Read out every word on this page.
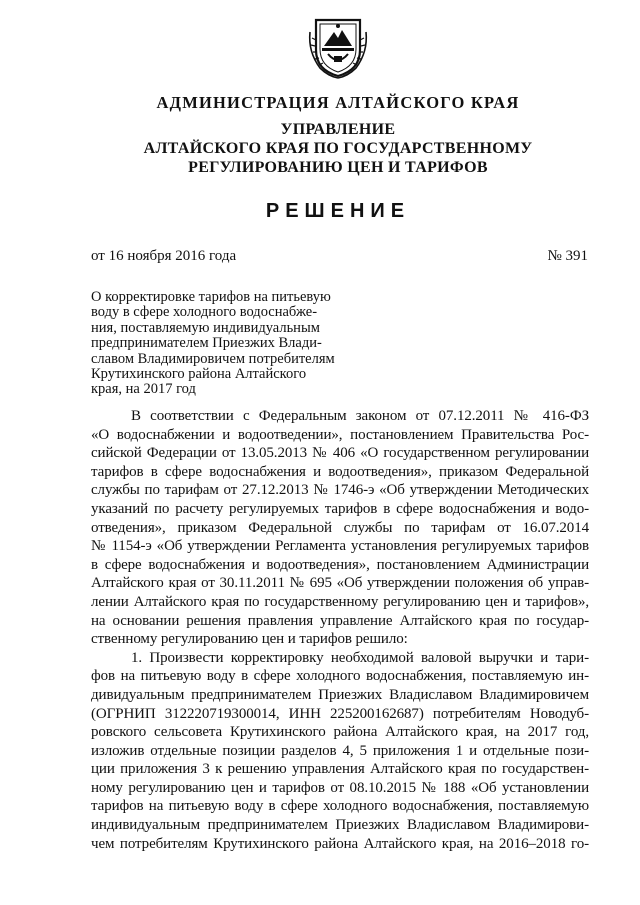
АДМИНИСТРАЦИЯ АЛТАЙСКОГО КРАЯ
УПРАВЛЕНИЕ
АЛТАЙСКОГО КРАЯ ПО ГОСУДАРСТВЕННОМУ
РЕГУЛИРОВАНИЮ ЦЕН И ТАРИФОВ
РЕШЕНИЕ
от 16 ноября 2016 года	№ 391
О корректировке тарифов на питьевую
воду в сфере холодного водоснабже-
ния, поставляемую индивидуальным
предпринимателем Приезжих Влади-
славом Владимировичем потребителям
Крутихинского района Алтайского
края, на 2017 год
В соответствии с Федеральным законом от 07.12.2011 № 416-ФЗ
«О водоснабжении и водоотведении», постановлением Правительства Рос-
сийской Федерации от 13.05.2013 № 406 «О государственном регулировании
тарифов в сфере водоснабжения и водоотведения», приказом Федеральной
службы по тарифам от 27.12.2013 № 1746-э «Об утверждении Методических
указаний по расчету регулируемых тарифов в сфере водоснабжения и водо-
отведения», приказом Федеральной службы по тарифам от 16.07.2014
№ 1154-э «Об утверждении Регламента установления регулируемых тарифов
в сфере водоснабжения и водоотведения», постановлением Администрации
Алтайского края от 30.11.2011 № 695 «Об утверждении положения об управ-
лении Алтайского края по государственному регулированию цен и тарифов»,
на основании решения правления управление Алтайского края по государ-
ственному регулированию цен и тарифов решило:
1. Произвести корректировку необходимой валовой выручки и тари-
фов на питьевую воду в сфере холодного водоснабжения, поставляемую ин-
дивидуальным предпринимателем Приезжих Владиславом Владимировичем
(ОГРНИП 312220719300014, ИНН 225200162687) потребителям Новодуб-
ровского сельсовета Крутихинского района Алтайского края, на 2017 год,
изложив отдельные позиции разделов 4, 5 приложения 1 и отдельные пози-
ции приложения 3 к решению управления Алтайского края по государствен-
ному регулированию цен и тарифов от 08.10.2015 № 188 «Об установлении
тарифов на питьевую воду в сфере холодного водоснабжения, поставляемую
индивидуальным предпринимателем Приезжих Владиславом Владимирови-
чем потребителям Крутихинского района Алтайского края, на 2016–2018 го-
